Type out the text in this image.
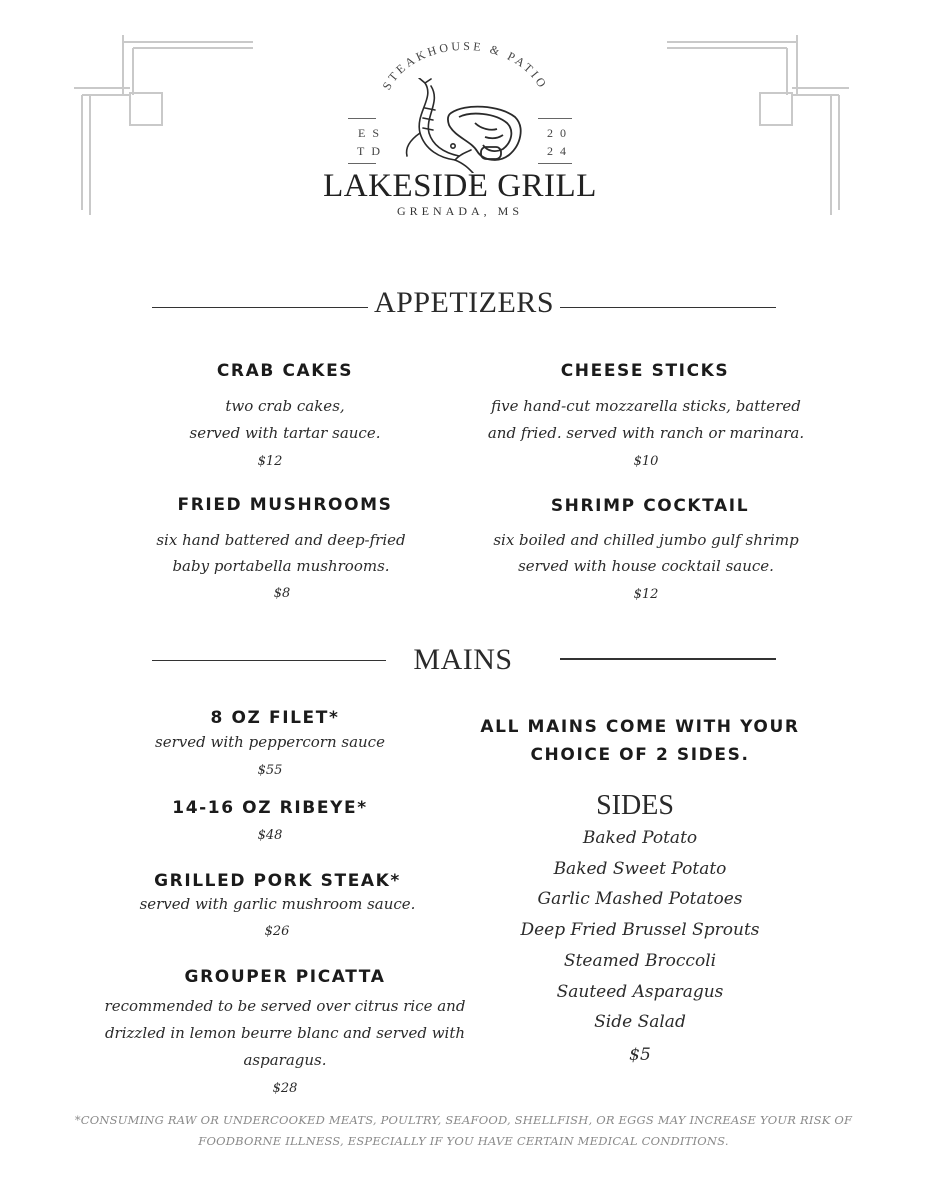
STEAKHOUSE & PATIO
ES
TD
20
24
LAKESIDE GRILL
GRENADA, MS
APPETIZERS
CRAB CAKES
two crab cakes,
served with tartar sauce.
$12
CHEESE STICKS
five hand-cut mozzarella sticks, battered
and fried. served with ranch or marinara.
$10
FRIED MUSHROOMS
six hand battered and deep-fried
baby portabella mushrooms.
$8
SHRIMP COCKTAIL
six boiled and chilled jumbo gulf shrimp
served with house cocktail sauce.
$12
MAINS
8 OZ FILET*
served with peppercorn sauce
$55
14-16 OZ RIBEYE*
$48
GRILLED PORK STEAK*
served with garlic mushroom sauce.
$26
GROUPER PICATTA
recommended to be served over citrus rice and
drizzled in lemon beurre blanc and served with
asparagus.
$28
ALL MAINS COME WITH YOUR
CHOICE OF 2 SIDES.
SIDES
Baked Potato
Baked Sweet Potato
Garlic Mashed Potatoes
Deep Fried Brussel Sprouts
Steamed Broccoli
Sauteed Asparagus
Side Salad
$5
*CONSUMING RAW OR UNDERCOOKED MEATS, POULTRY, SEAFOOD, SHELLFISH, OR EGGS MAY INCREASE YOUR RISK OF
FOODBORNE ILLNESS, ESPECIALLY IF YOU HAVE CERTAIN MEDICAL CONDITIONS.
